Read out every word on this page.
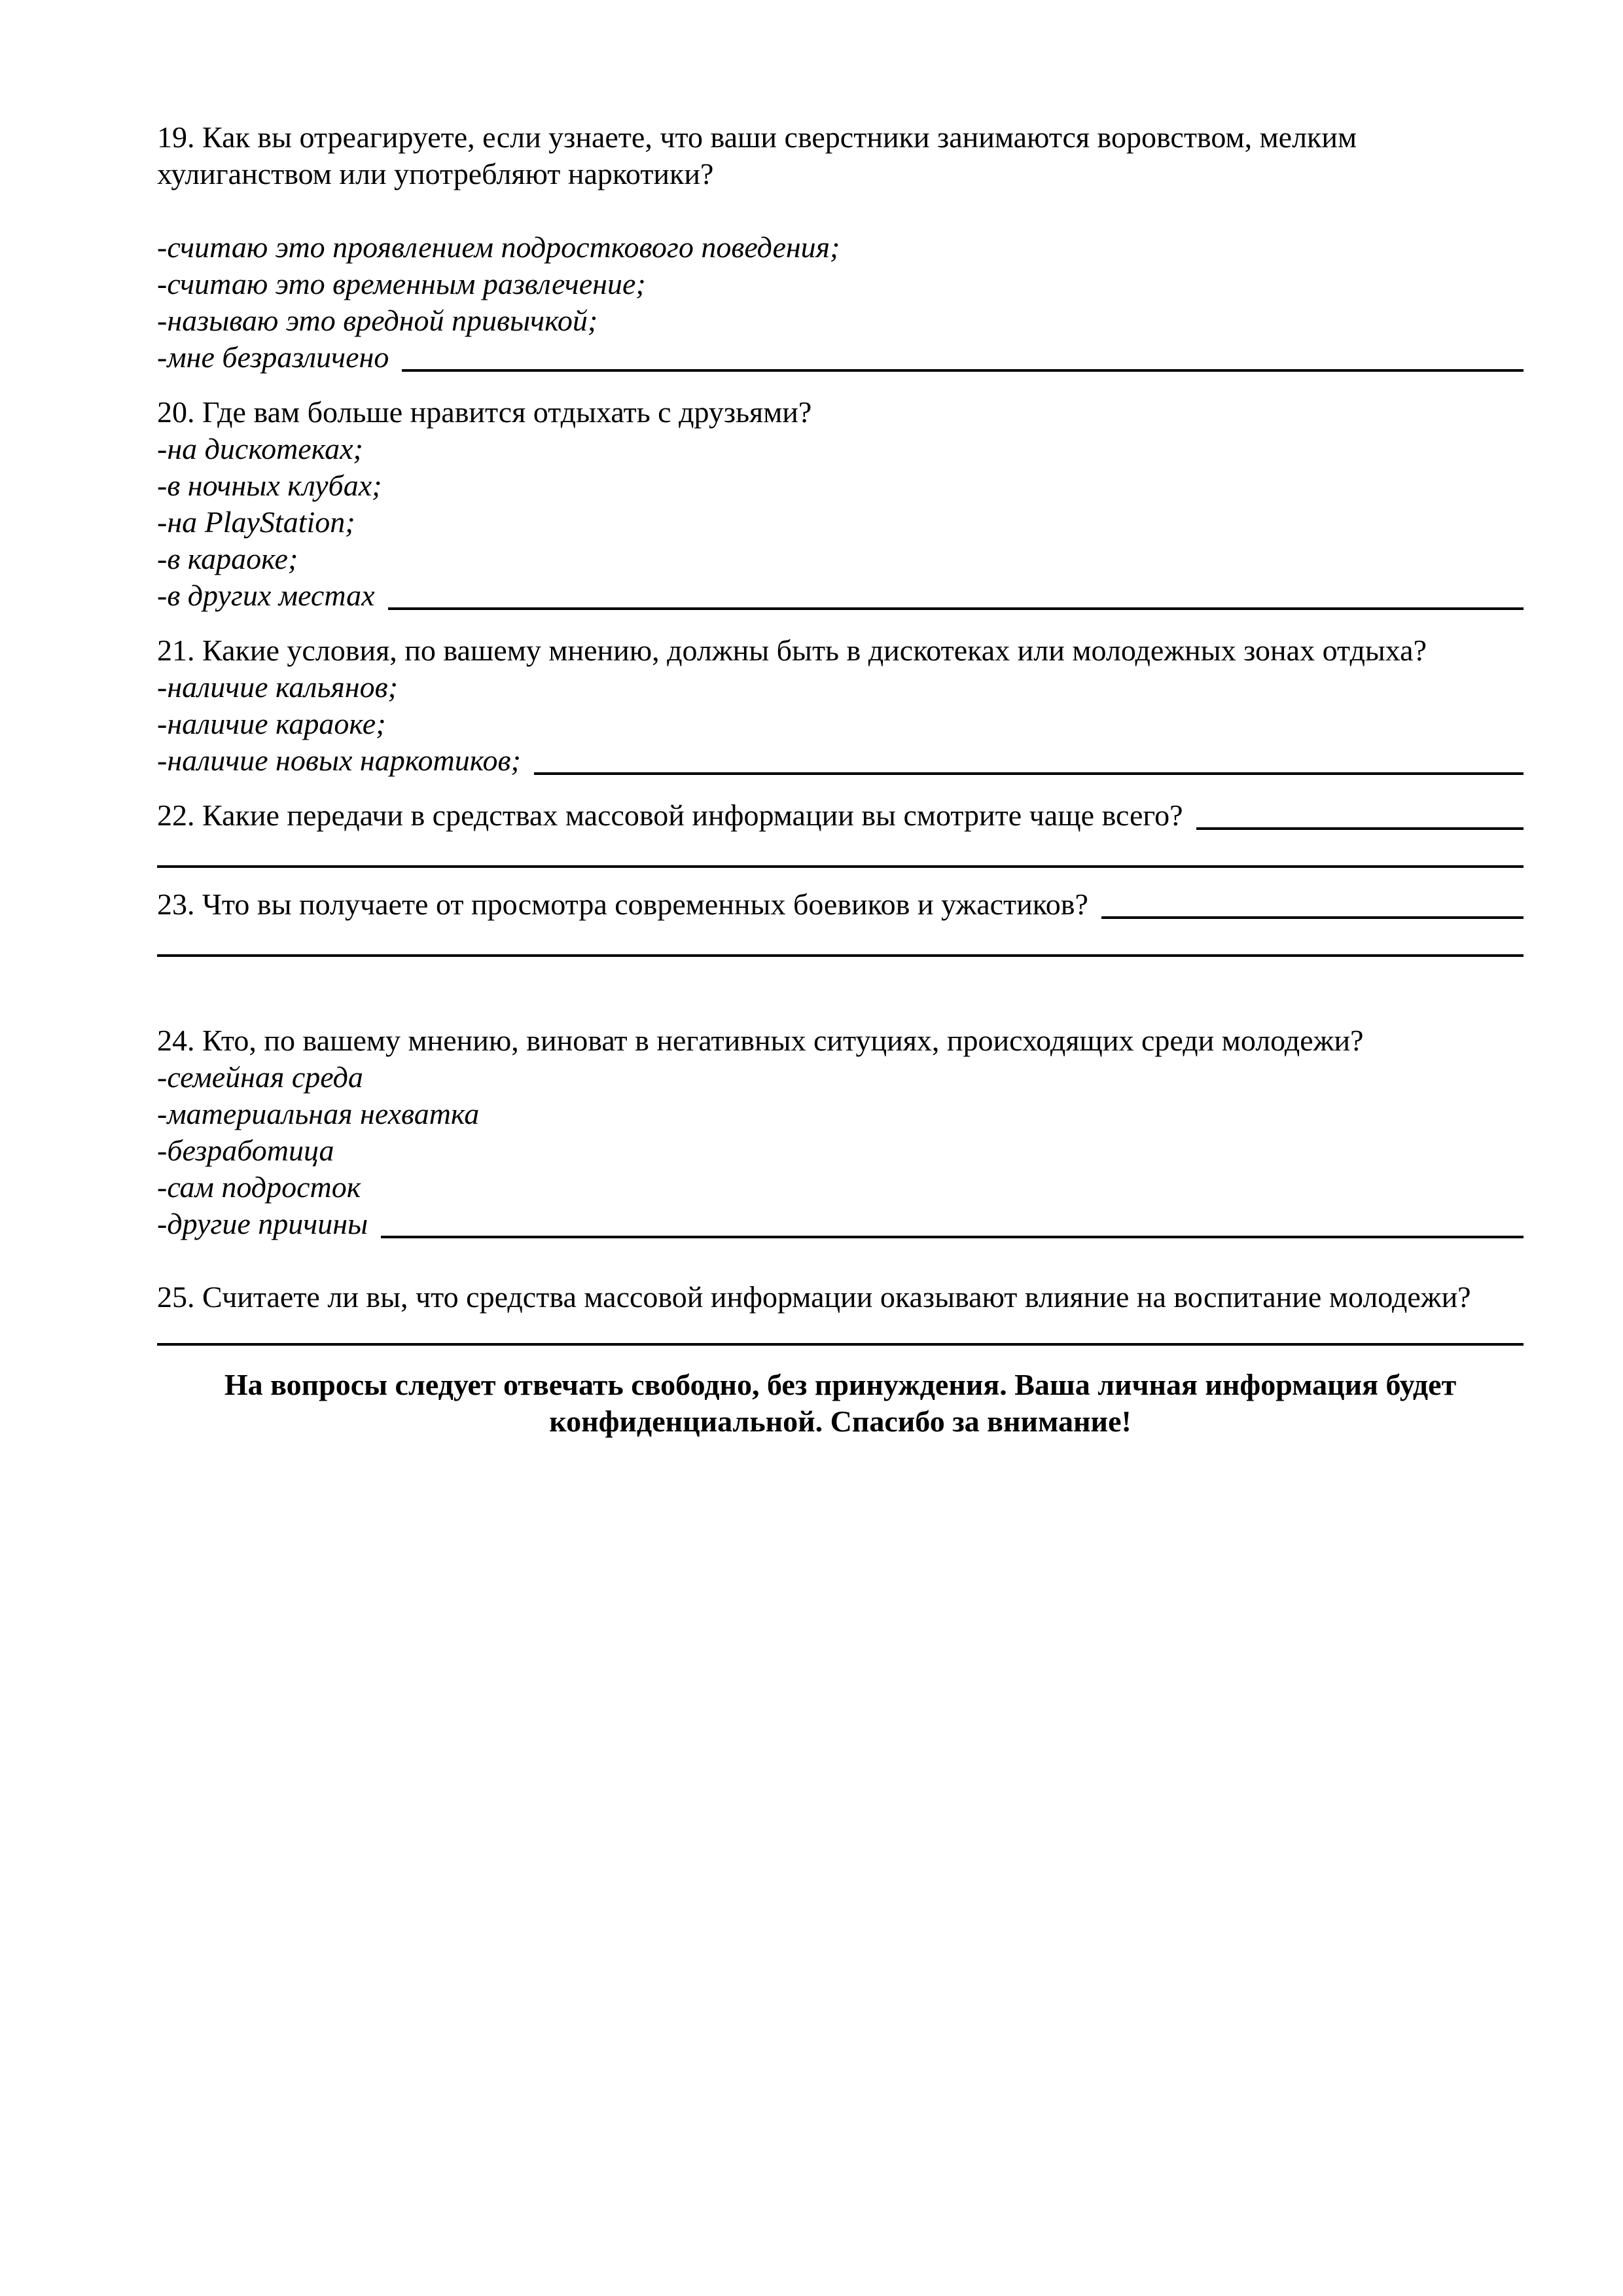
19. Как вы отреагируете, если узнаете, что ваши сверстники занимаются воровством, мелким хулиганством или употребляют наркотики?

-считаю это проявлением подросткового поведения;

-считаю это временным развлечение;

-называю это вредной привычкой;

-мне безразличено

20. Где вам больше нравится отдыхать с друзьями?

-на дискотеках;

-в ночных клубах;

-на PlayStation;

-в караоке;

-в других местах

21. Какие условия, по вашему мнению, должны быть в дискотеках или молодежных зонах отдыха?

-наличие кальянов;

-наличие караоке;

-наличие новых наркотиков;
22. Какие передачи в средствах массовой информации вы смотрите чаще всего?
23. Что вы получаете от просмотра современных боевиков и ужастиков?

24. Кто, по вашему мнению, виноват в негативных ситуциях, происходящих среди молодежи?

-семейная среда

-материальная нехватка

-безработица

-сам подросток

-другие причины

25. Считаете ли вы, что средства массовой информации оказывают влияние на воспитание молодежи?

На вопросы следует отвечать свободно, без принуждения. Ваша личная информация будет конфиденциальной. Спасибо за внимание!
